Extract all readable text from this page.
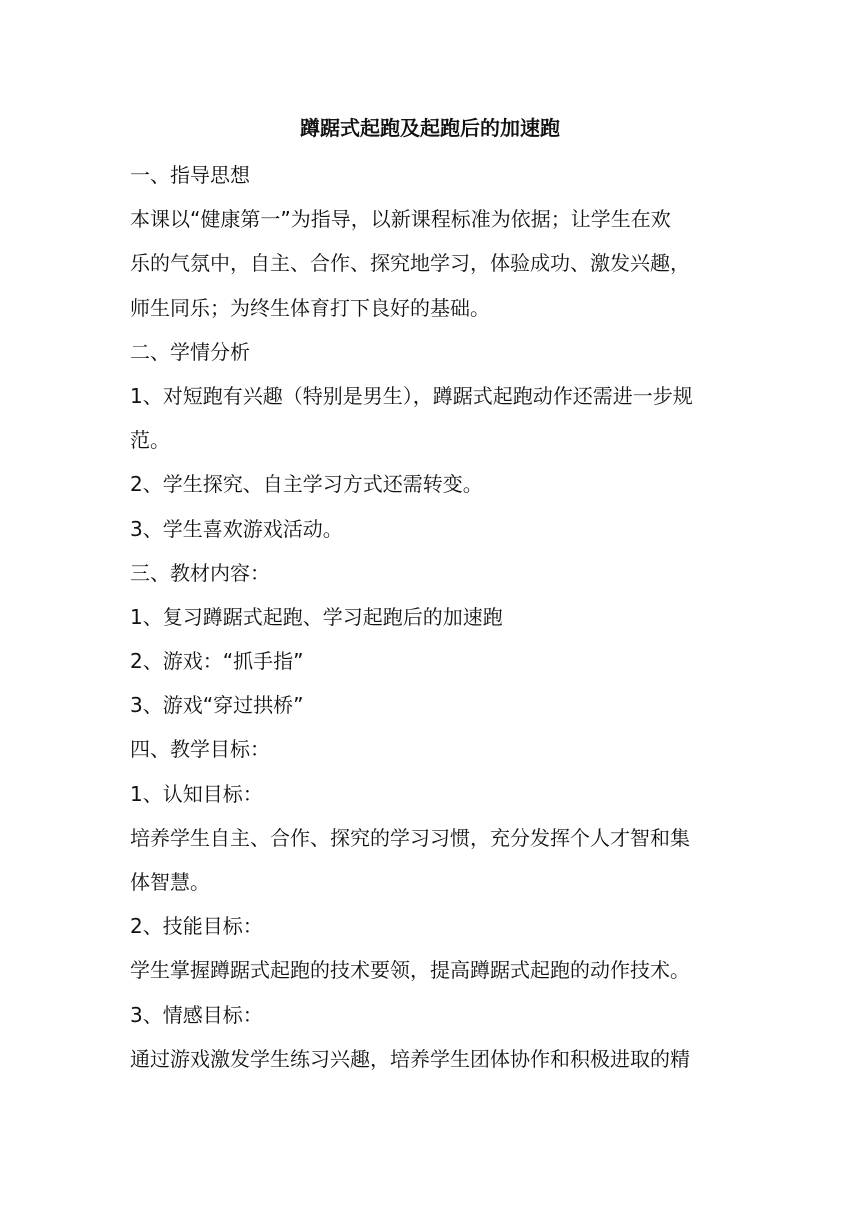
蹲踞式起跑及起跑后的加速跑
一、指导思想
本课以“健康第一”为指导，以新课程标准为依据；让学生在欢
乐的气氛中，自主、合作、探究地学习，体验成功、激发兴趣，
师生同乐；为终生体育打下良好的基础。
二、学情分析
1、对短跑有兴趣（特别是男生），蹲踞式起跑动作还需进一步规
范。
2、学生探究、自主学习方式还需转变。
3、学生喜欢游戏活动。
三、教材内容：
1、复习蹲踞式起跑、学习起跑后的加速跑
2、游戏：“抓手指”
3、游戏“穿过拱桥”
四、教学目标：
1、认知目标：
培养学生自主、合作、探究的学习习惯，充分发挥个人才智和集
体智慧。
2、技能目标：
学生掌握蹲踞式起跑的技术要领，提高蹲踞式起跑的动作技术。
3、情感目标：
通过游戏激发学生练习兴趣，培养学生团体协作和积极进取的精
